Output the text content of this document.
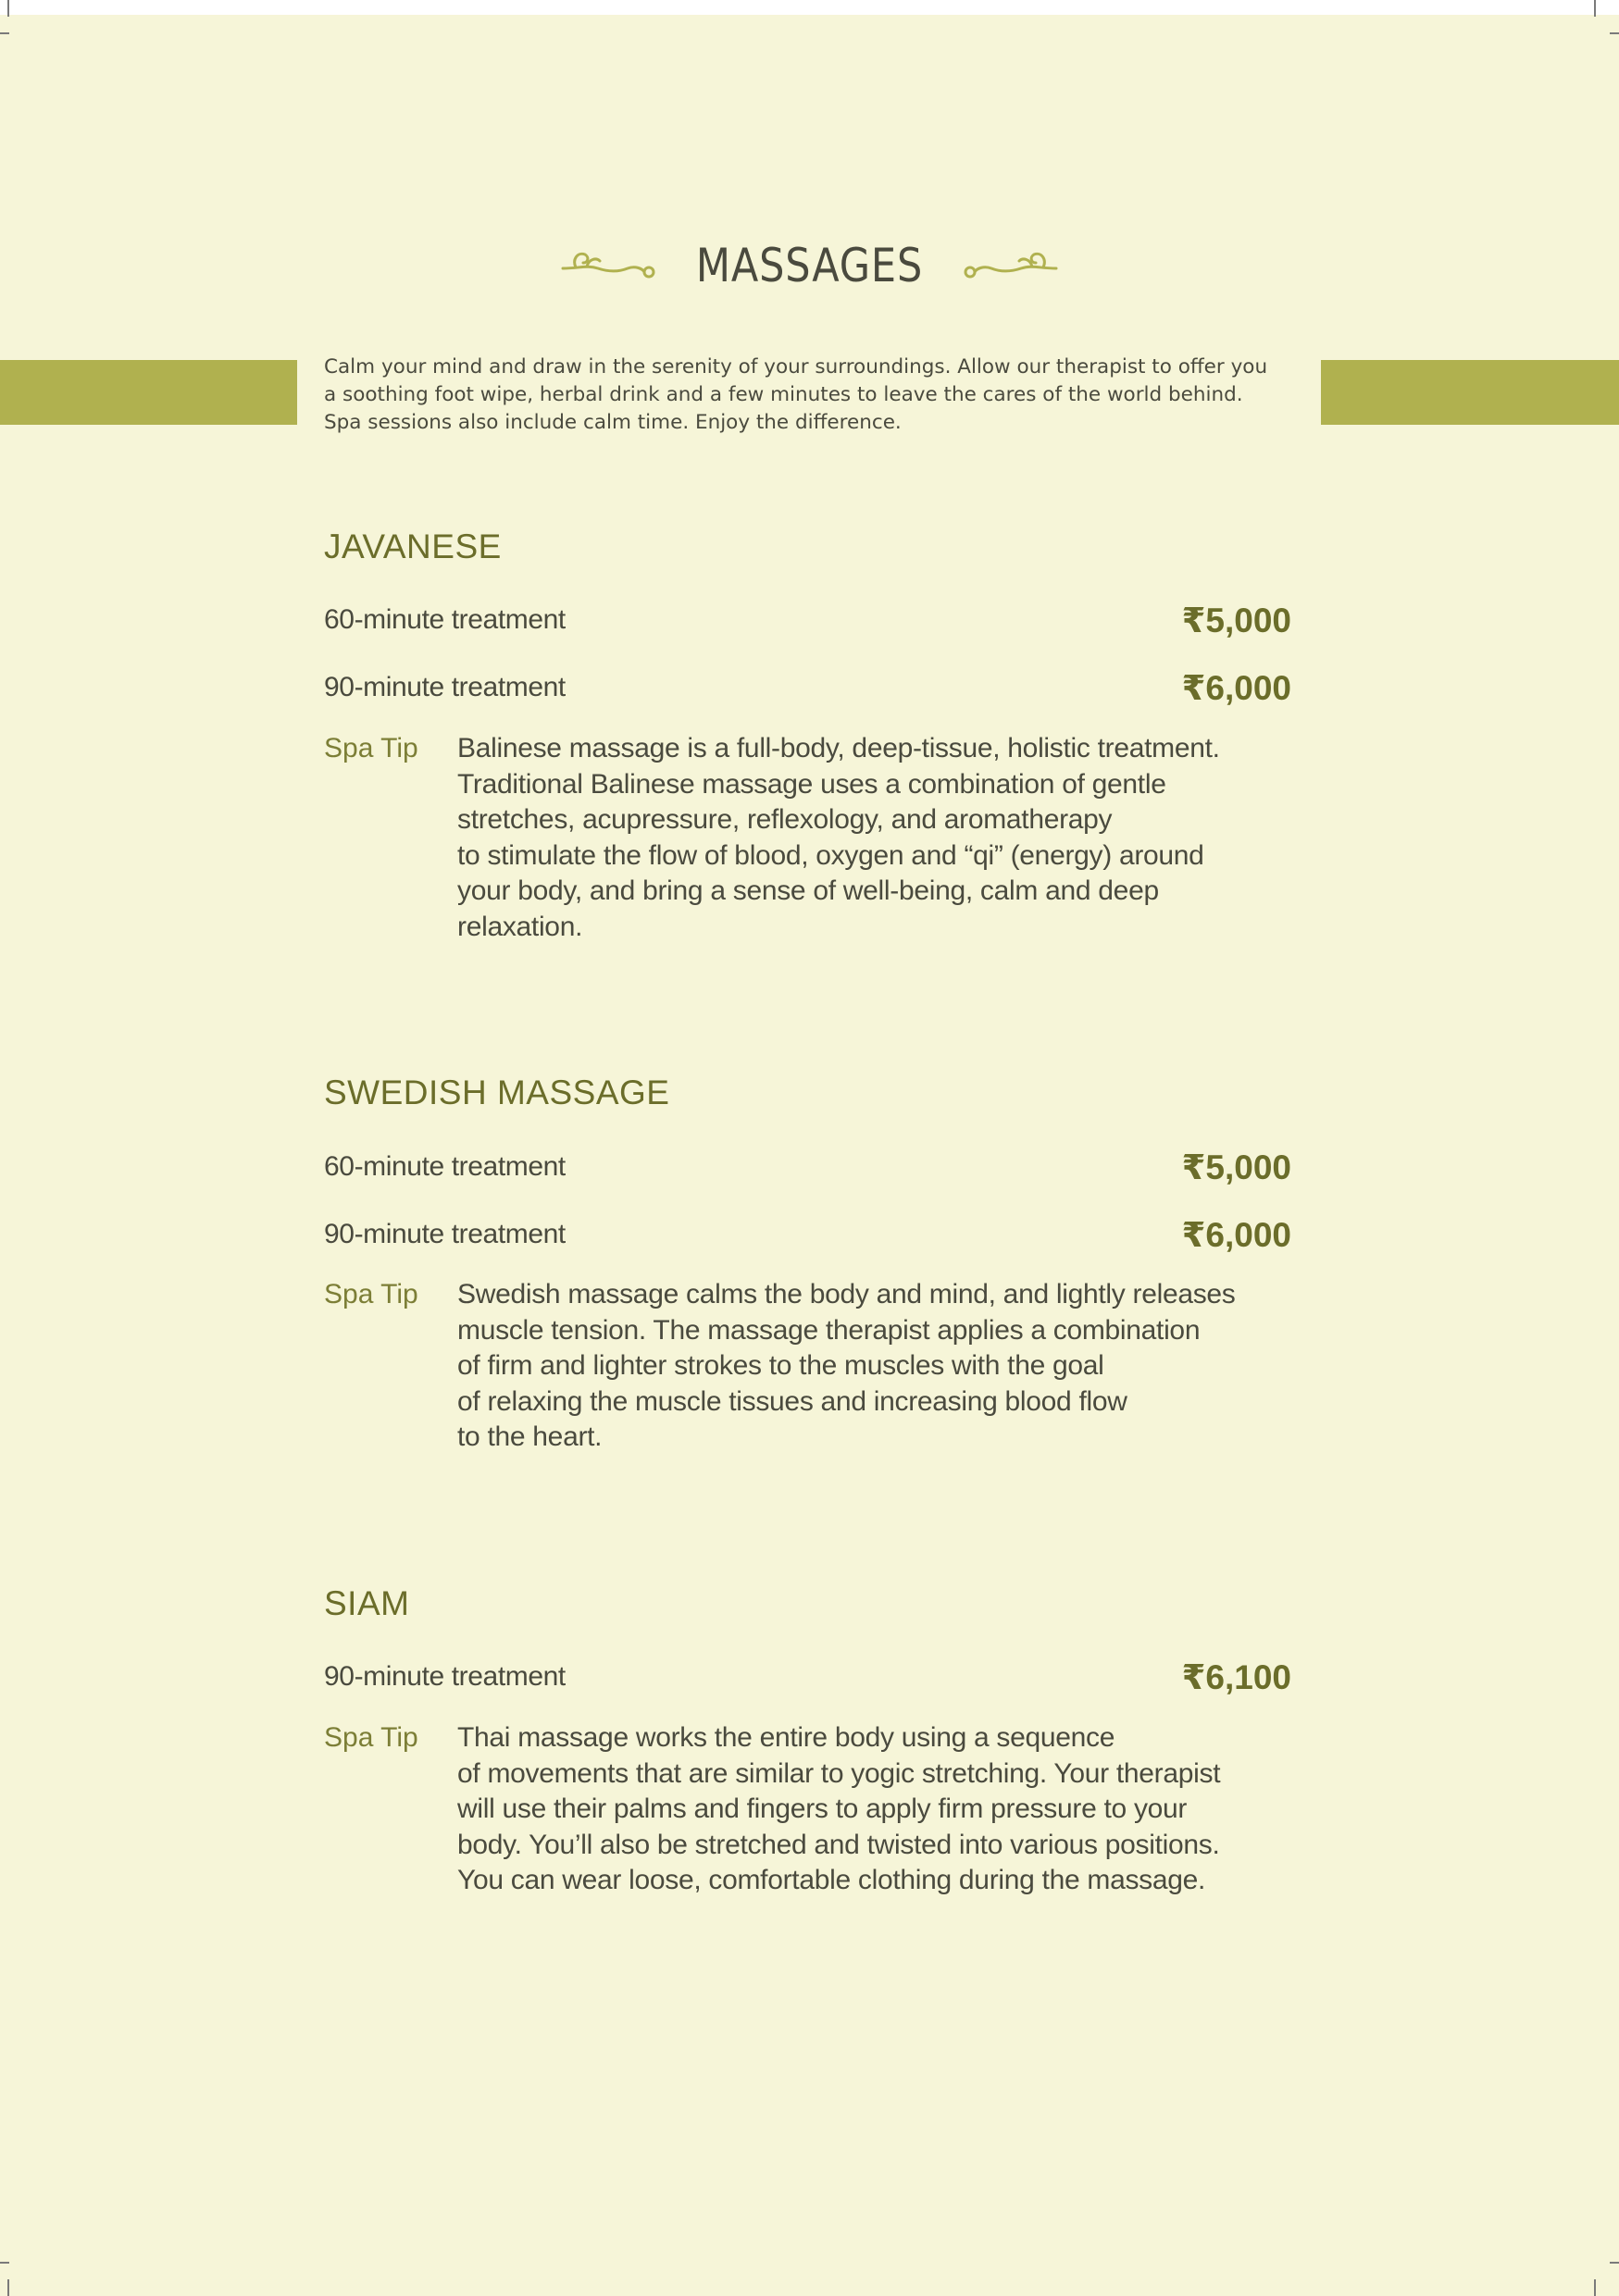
MASSAGES

Calm your mind and draw in the serenity of your surroundings. Allow our therapist to offer you

a soothing foot wipe, herbal drink and a few minutes to leave the cares of the world behind.

Spa sessions also include calm time. Enjoy the difference.

JAVANESE
60-minute treatment	₹5,000
90-minute treatment	₹6,000
Spa Tip Balinese massage is a full-body, deep-tissue, holistic treatment.

Traditional Balinese massage uses a combination of gentle

stretches, acupressure, reflexology, and aromatherapy

to stimulate the flow of blood, oxygen and “qi” (energy) around

your body, and bring a sense of well-being, calm and deep

relaxation.

SWEDISH MASSAGE
60-minute treatment	₹5,000
90-minute treatment	₹6,000
Spa Tip Swedish massage calms the body and mind, and lightly releases

muscle tension. The massage therapist applies a combination

of firm and lighter strokes to the muscles with the goal

of relaxing the muscle tissues and increasing blood flow

to the heart.

SIAM
90-minute treatment	₹6,100
Spa Tip Thai massage works the entire body using a sequence

of movements that are similar to yogic stretching. Your therapist

will use their palms and fingers to apply firm pressure to your

body. You’ll also be stretched and twisted into various positions.

You can wear loose, comfortable clothing during the massage.
